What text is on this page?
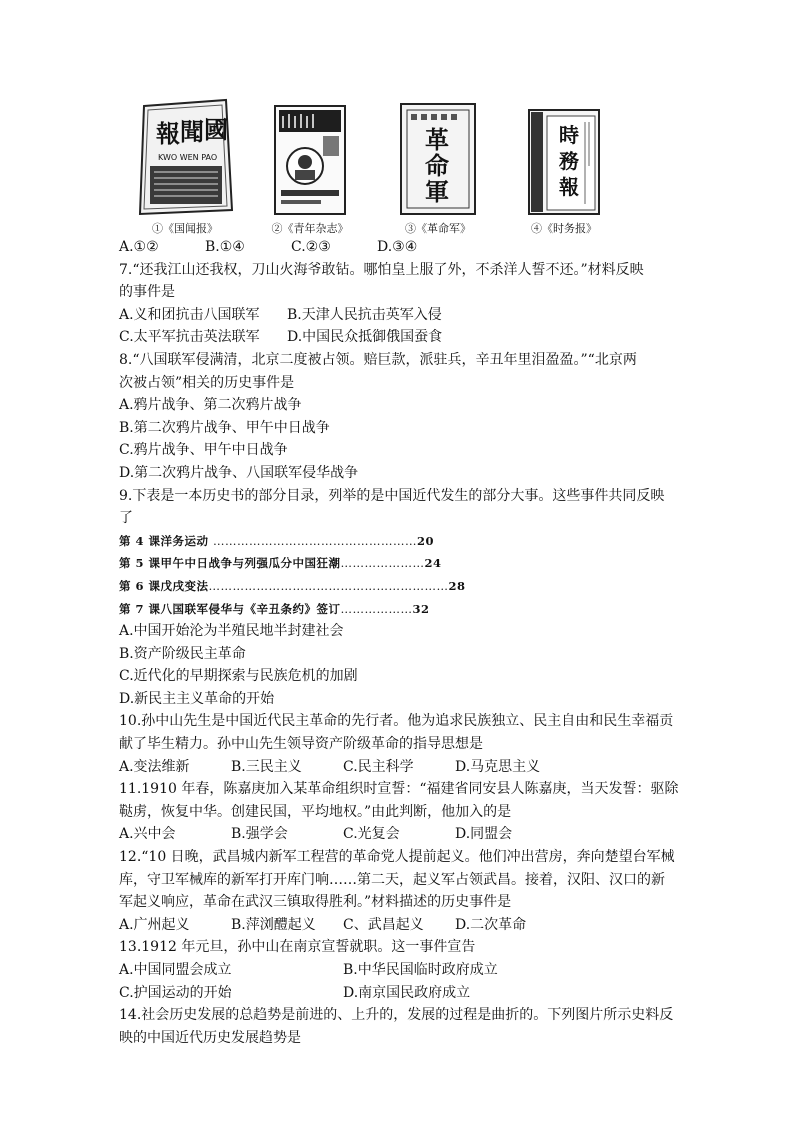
報 聞 國
KWO WEN PAO
①《国闻报》	②《青年杂志》
革
命
軍
③《革命军》
時
務
報
④《时务报》
A.①②	B.①④	C.②③	D.③④
7.“还我江山还我权，刀山火海爷敢钻。哪怕皇上服了外，不杀洋人誓不还。”材料反映
的事件是
A.义和团抗击八国联军 B.天津人民抗击英军入侵
C.太平军抗击英法联军 D.中国民众抵御俄国蚕食
8.“八国联军侵满清，北京二度被占领。赔巨款，派驻兵，辛丑年里泪盈盈。”“北京两
次被占领”相关的历史事件是
A.鸦片战争、第二次鸦片战争
B.第二次鸦片战争、甲午中日战争
C.鸦片战争、甲午中日战争
D.第二次鸦片战争、八国联军侵华战争
9.下表是一本历史书的部分目录，列举的是中国近代发生的部分大事。这些事件共同反映
了
第 4 课洋务运动 ……………………………………………20
第 5 课甲午中日战争与列强瓜分中国狂潮…………………24
第 6 课戊戌变法……………………………………………………28
第 7 课八国联军侵华与《辛丑条约》签订………………32
A.中国开始沦为半殖民地半封建社会
B.资产阶级民主革命
C.近代化的早期探索与民族危机的加剧
D.新民主主义革命的开始
10.孙中山先生是中国近代民主革命的先行者。他为追求民族独立、民主自由和民生幸福贡
献了毕生精力。孙中山先生领导资产阶级革命的指导思想是
A.变法维新	B.三民主义	C.民主科学	D.马克思主义
11.1910 年春，陈嘉庚加入某革命组织时宣誓：“福建省同安县人陈嘉庚，当天发誓：驱除
鞑虏，恢复中华。创建民国，平均地权。”由此判断，他加入的是
A.兴中会	B.强学会	C.光复会	D.同盟会
12.“10 日晚，武昌城内新军工程营的革命党人提前起义。他们冲出营房，奔向楚望台军械
库，守卫军械库的新军打开库门响……第二天，起义军占领武昌。接着，汉阳、汉口的新
军起义响应，革命在武汉三镇取得胜利。”材料描述的历史事件是
A.广州起义	B.萍浏醴起义 C、武昌起义 D.二次革命
13.1912 年元旦，孙中山在南京宣誓就职。这一事件宣告
A.中国同盟会成立	B.中华民国临时政府成立
C.护国运动的开始	D.南京国民政府成立
14.社会历史发展的总趋势是前进的、上升的，发展的过程是曲折的。下列图片所示史料反
映的中国近代历史发展趋势是
